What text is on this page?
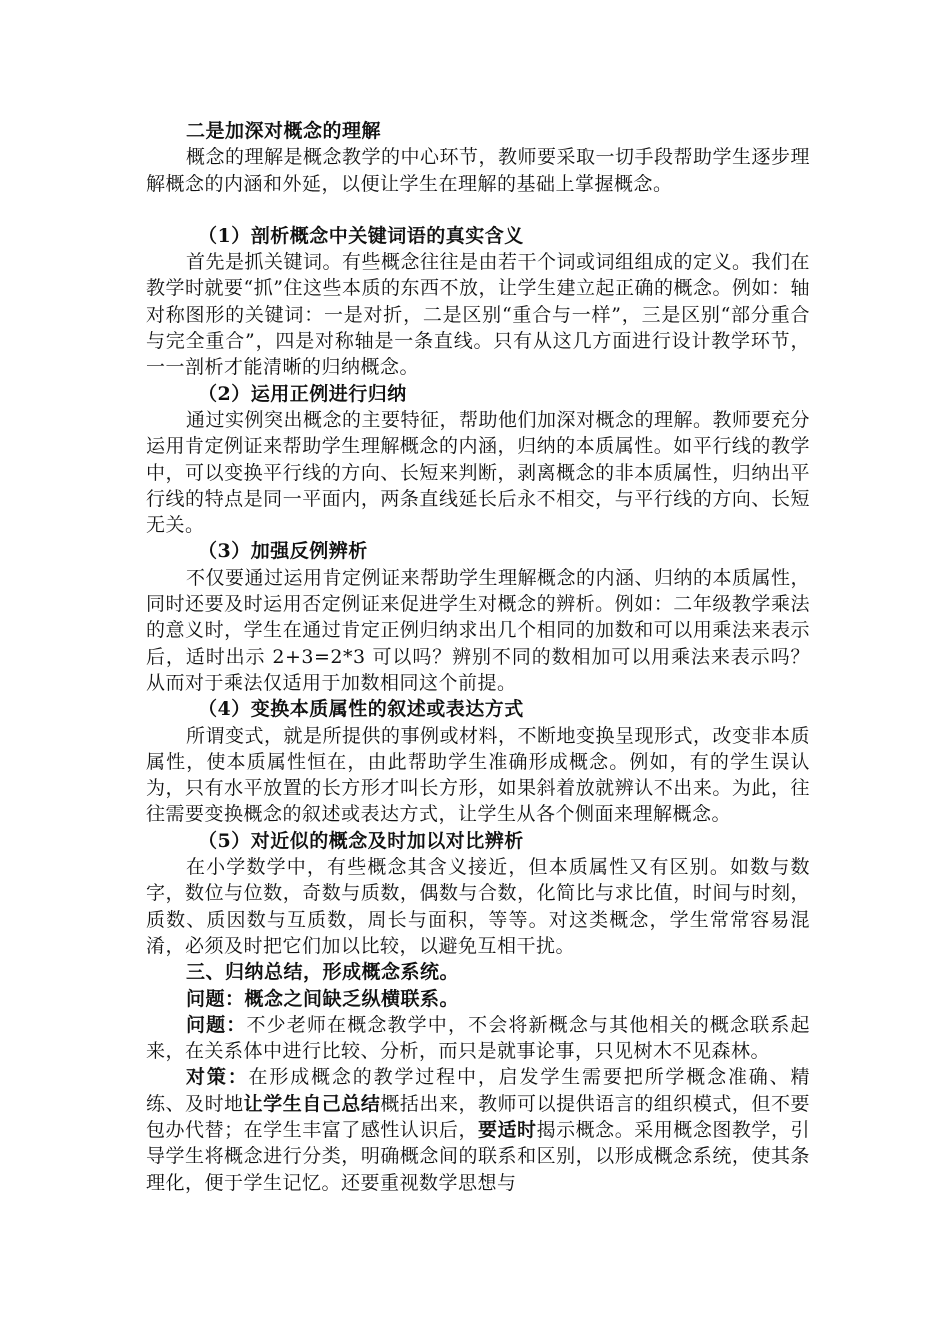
二是加深对概念的理解

概念的理解是概念教学的中心环节，教师要采取一切手段帮助学生逐步理解概念的内涵和外延，以便让学生在理解的基础上掌握概念。

（1）剖析概念中关键词语的真实含义

首先是抓关键词。有些概念往往是由若干个词或词组组成的定义。我们在教学时就要“抓”住这些本质的东西不放，让学生建立起正确的概念。例如：轴对称图形的关键词：一是对折，二是区别“重合与一样”，三是区别“部分重合与完全重合”，四是对称轴是一条直线。只有从这几方面进行设计教学环节，一一剖析才能清晰的归纳概念。

（2）运用正例进行归纳

通过实例突出概念的主要特征，帮助他们加深对概念的理解。教师要充分运用肯定例证来帮助学生理解概念的内涵，归纳的本质属性。如平行线的教学中，可以变换平行线的方向、长短来判断，剥离概念的非本质属性，归纳出平行线的特点是同一平面内，两条直线延长后永不相交，与平行线的方向、长短无关。

（3）加强反例辨析

不仅要通过运用肯定例证来帮助学生理解概念的内涵、归纳的本质属性，同时还要及时运用否定例证来促进学生对概念的辨析。例如：二年级教学乘法的意义时，学生在通过肯定正例归纳求出几个相同的加数和可以用乘法来表示后，适时出示 2+3=2*3 可以吗？辨别不同的数相加可以用乘法来表示吗？从而对于乘法仅适用于加数相同这个前提。

（4）变换本质属性的叙述或表达方式

所谓变式，就是所提供的事例或材料，不断地变换呈现形式，改变非本质属性，使本质属性恒在，由此帮助学生准确形成概念。例如，有的学生误认为，只有水平放置的长方形才叫长方形，如果斜着放就辨认不出来。为此，往往需要变换概念的叙述或表达方式，让学生从各个侧面来理解概念。

（5）对近似的概念及时加以对比辨析

在小学数学中，有些概念其含义接近，但本质属性又有区别。如数与数字，数位与位数，奇数与质数，偶数与合数，化简比与求比值，时间与时刻，质数、质因数与互质数，周长与面积，等等。对这类概念，学生常常容易混淆，必须及时把它们加以比较，以避免互相干扰。

三、归纳总结，形成概念系统。

问题：概念之间缺乏纵横联系。

问题：不少老师在概念教学中，不会将新概念与其他相关的概念联系起来，在关系体中进行比较、分析，而只是就事论事，只见树木不见森林。

对策：在形成概念的教学过程中，启发学生需要把所学概念准确、精练、及时地让学生自己总结概括出来，教师可以提供语言的组织模式，但不要包办代替；在学生丰富了感性认识后，要适时揭示概念。采用概念图教学，引导学生将概念进行分类，明确概念间的联系和区别，以形成概念系统，使其条理化，便于学生记忆。还要重视数学思想与
